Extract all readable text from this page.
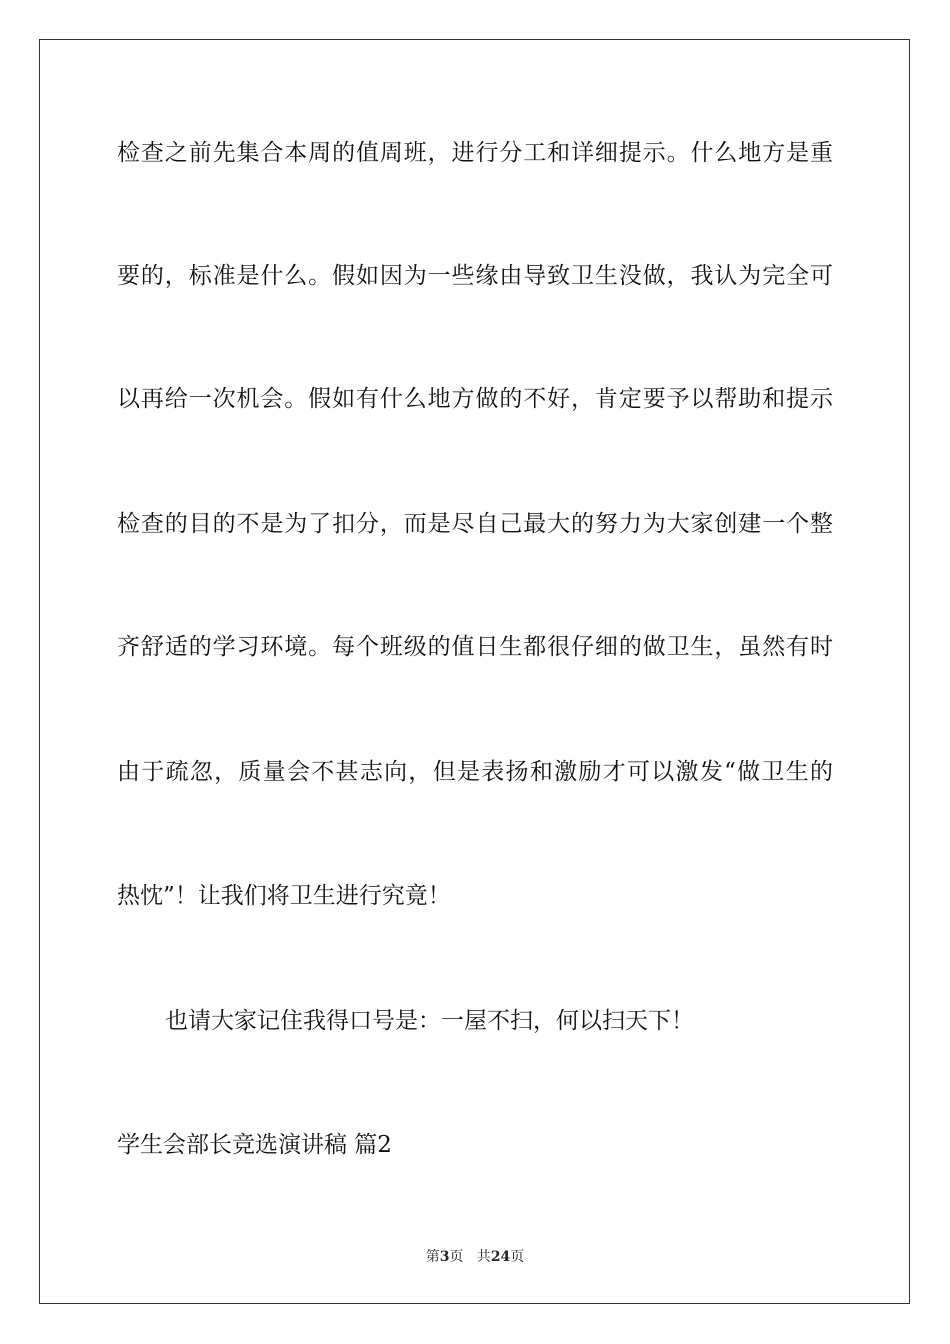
检查之前先集合本周的值周班，进行分工和详细提示。什么地方是重
要的，标准是什么。假如因为一些缘由导致卫生没做，我认为完全可
以再给一次机会。假如有什么地方做的不好，肯定要予以帮助和提示
检查的目的不是为了扣分，而是尽自己最大的努力为大家创建一个整
齐舒适的学习环境。每个班级的值日生都很仔细的做卫生，虽然有时
由于疏忽，质量会不甚志向，但是表扬和激励才可以激发“做卫生的
热忱”！让我们将卫生进行究竟！
也请大家记住我得口号是：一屋不扫，何以扫天下！
学生会部长竞选演讲稿 篇2
第3页   共24页
